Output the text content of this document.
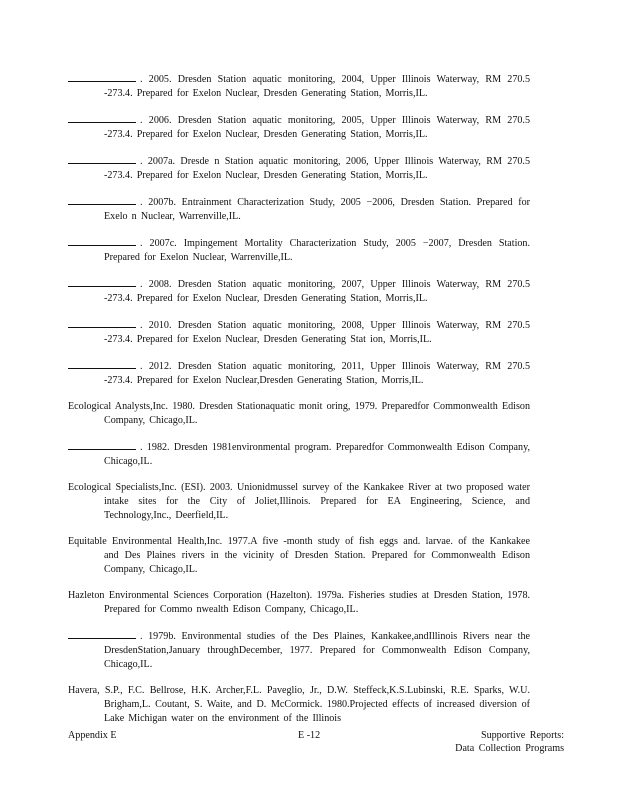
. 2005. Dresden Station aquatic monitoring, 2004, Upper Illinois Waterway, RM 270.5 -273.4. Prepared for Exelon Nuclear, Dresden Generating Station, Morris,IL.

. 2006. Dresden Station aquatic monitoring, 2005, Upper Illinois Waterway, RM 270.5 -273.4. Prepared for Exelon Nuclear, Dresden Generating Station, Morris,IL.

. 2007a. Dresde n Station aquatic monitoring, 2006, Upper Illinois Waterway, RM 270.5 -273.4. Prepared for Exelon Nuclear, Dresden Generating Station, Morris,IL.

. 2007b. Entrainment Characterization Study, 2005 −2006, Dresden Station. Prepared for Exelo n Nuclear, Warrenville,IL.

. 2007c. Impingement Mortality Characterization Study, 2005 −2007, Dresden Station. Prepared for Exelon Nuclear, Warrenville,IL.

. 2008. Dresden Station aquatic monitoring, 2007, Upper Illinois Waterway, RM 270.5 -273.4. Prepared for Exelon Nuclear, Dresden Generating Station, Morris,IL.

. 2010. Dresden Station aquatic monitoring, 2008, Upper Illinois Waterway, RM 270.5 -273.4. Prepared for Exelon Nuclear, Dresden Generating Stat ion, Morris,IL.

. 2012. Dresden Station aquatic monitoring, 2011, Upper Illinois Waterway, RM 270.5 -273.4. Prepared for Exelon Nuclear,Dresden Generating Station, Morris,IL.

Ecological Analysts,Inc. 1980. Dresden Stationaquatic monit oring, 1979. Preparedfor Commonwealth Edison Company, Chicago,IL.

. 1982. Dresden 1981environmental program. Preparedfor Commonwealth Edison Company, Chicago,IL.

Ecological Specialists,Inc. (ESI). 2003. Unionidmussel survey of the Kankakee River at two proposed water intake sites for the City of Joliet,Illinois. Prepared for EA Engineering, Science, and Technology,Inc., Deerfield,IL.

Equitable Environmental Health,Inc. 1977.A five -month study of fish eggs and. larvae. of the Kankakee and Des Plaines rivers in the vicinity of Dresden Station. Prepared for Commonwealth Edison Company, Chicago,IL.

Hazleton Environmental Sciences Corporation (Hazelton). 1979a. Fisheries studies at Dresden Station, 1978. Prepared for Commo nwealth Edison Company, Chicago,IL.

. 1979b. Environmental studies of the Des Plaines, Kankakee,andIllinois Rivers near the DresdenStation,January throughDecember, 1977. Prepared for Commonwealth Edison Company, Chicago,IL.

Havera, S.P., F.C. Bellrose, H.K. Archer,F.L. Paveglio, Jr., D.W. Steffeck,K.S.Lubinski, R.E. Sparks, W.U. Brigham,L. Coutant, S. Waite, and D. McCormick. 1980.Projected effects of increased diversion of Lake Michigan water on the environment of the Illinois

Appendix E	E -12	Supportive Reports:
Data Collection Programs
